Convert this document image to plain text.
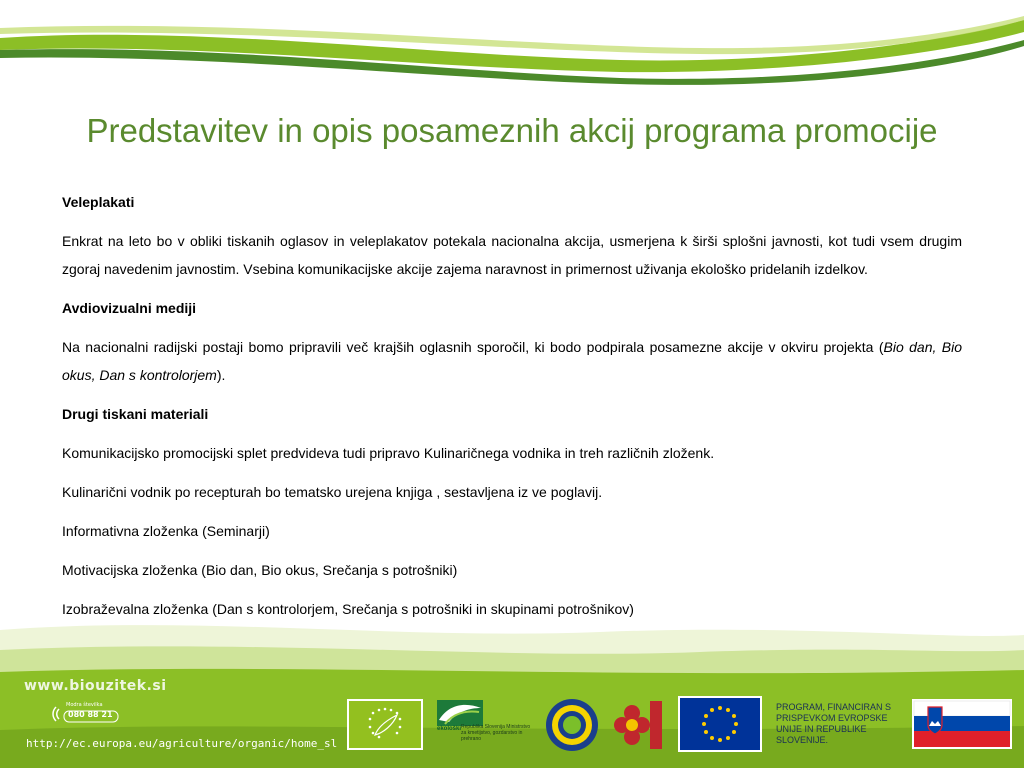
Predstavitev in opis posameznih akcij programa promocije

Veleplakati

Enkrat na leto bo v obliki tiskanih oglasov in veleplakatov potekala nacionalna akcija, usmerjena k širši splošni javnosti, kot tudi vsem drugim zgoraj navedenim javnostim. Vsebina komunikacijske akcije zajema naravnost in primernost uživanja ekološko pridelanih izdelkov.

Avdiovizualni mediji

Na nacionalni radijski postaji bomo pripravili več krajših oglasnih sporočil, ki bodo podpirala posamezne akcije v okviru projekta (Bio dan, Bio okus, Dan s kontrolorjem).

Drugi tiskani materiali

Komunikacijsko promocijski splet predvideva tudi pripravo Kulinaričnega vodnika in treh različnih zloženk.

Kulinarični vodnik po recepturah bo tematsko urejena knjiga , sestavljena iz ve poglavij.

Informativna zloženka (Seminarji)

Motivacijska zloženka (Bio dan, Bio okus, Srečanja s potrošniki)

Izobraževalna zloženka (Dan s kontrolorjem, Srečanja s potrošniki in skupinami potrošnikov)

www.biouzitek.si
Modra številka
080 88 21
http://ec.europa.eu/agriculture/organic/home_sl
ekološki Republika Slovenija Ministrstvo za kmetijstvo, gozdarstvo in prehrano
PROGRAM, FINANCIRAN S PRISPEVKOM EVROPSKE UNIJE IN REPUBLIKE SLOVENIJE.
